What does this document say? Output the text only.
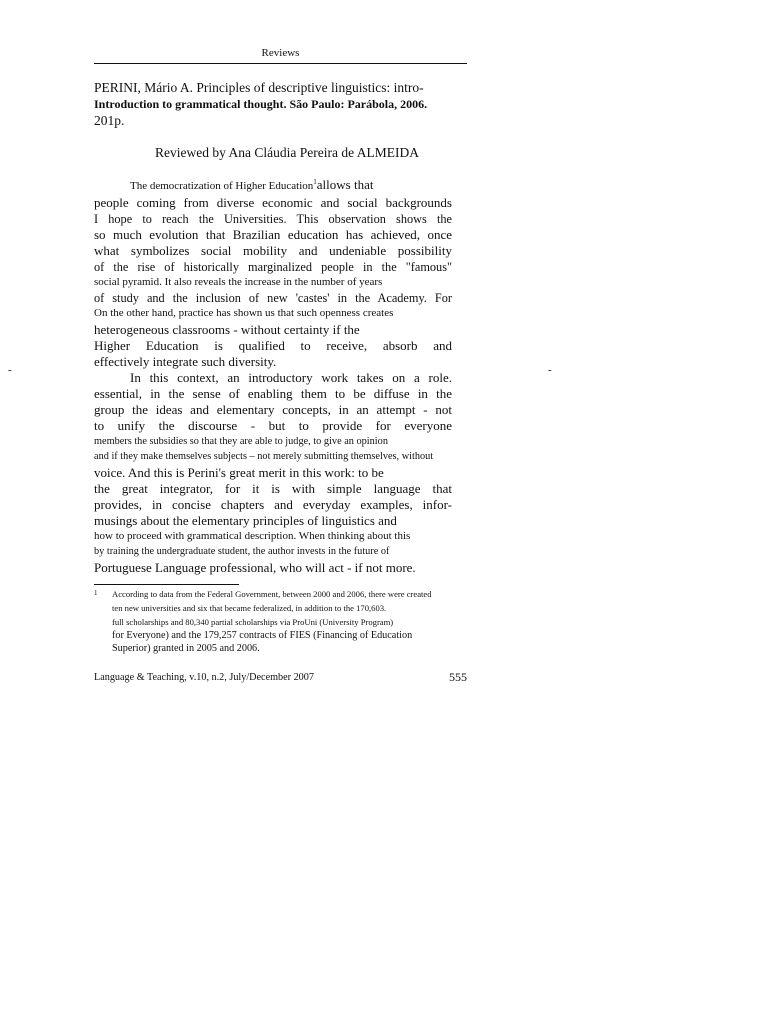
Reviews
PERINI, Mário A. Principles of descriptive linguistics: intro-
Introduction to grammatical thought. São Paulo: Parábola, 2006.
201p.
Reviewed by Ana Cláudia Pereira de ALMEIDA
The democratization of Higher Education$^1$allows that
people coming from diverse economic and social backgrounds
I hope to reach the Universities. This observation shows the
so much evolution that Brazilian education has achieved, once
what symbolizes social mobility and undeniable possibility
of the rise of historically marginalized people in the "famous"
social pyramid. It also reveals the increase in the number of years
of study and the inclusion of new 'castes' in the Academy. For
On the other hand, practice has shown us that such openness creates
heterogeneous classrooms - without certainty if the
Higher Education is qualified to receive, absorb and
effectively integrate such diversity.
In this context, an introductory work takes on a role.
essential, in the sense of enabling them to be diffuse in the
group the ideas and elementary concepts, in an attempt - not
to unify the discourse - but to provide for everyone
members the subsidies so that they are able to judge, to give an opinion
and if they make themselves subjects – not merely submitting themselves, without
voice. And this is Perini's great merit in this work: to be
the great integrator, for it is with simple language that
provides, in concise chapters and everyday examples, infor-
musings about the elementary principles of linguistics and
how to proceed with grammatical description. When thinking about this
by training the undergraduate student, the author invests in the future of
Portuguese Language professional, who will act - if not more.
1	According to data from the Federal Government, between 2000 and 2006, there were created
ten new universities and six that became federalized, in addition to the 170,603.
full scholarships and 80,340 partial scholarships via ProUni (University Program)
for Everyone) and the 179,257 contracts of FIES (Financing of Education
Superior) granted in 2005 and 2006.
Language & Teaching, v.10, n.2, July/December 2007	555
-	-
